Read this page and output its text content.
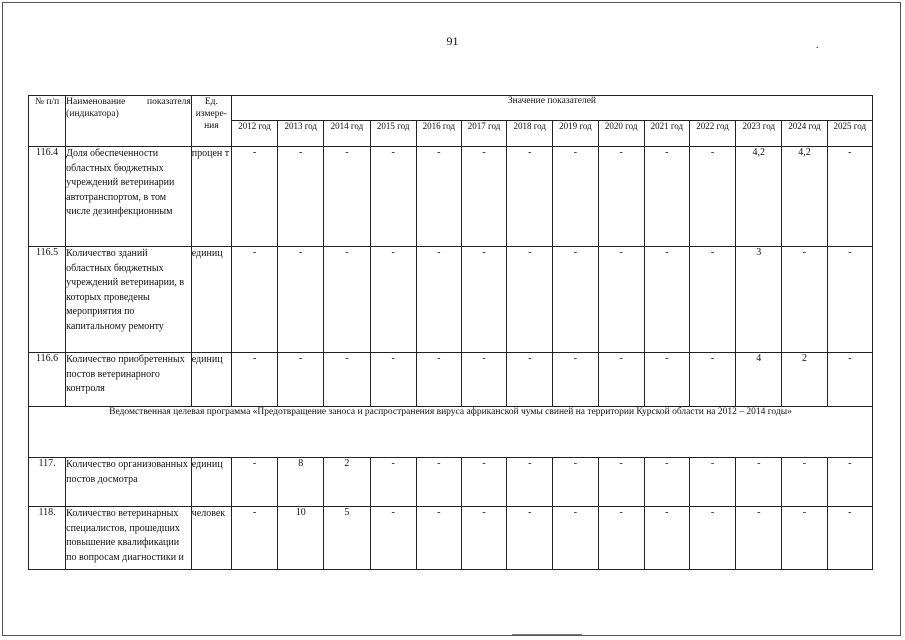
91	.
№ п/п	Наименование показателя (индикатора)	Ед. измере-ния	Значение показателей													
			2012 год	2013 год	2014 год	2015 год	2016 год	2017 год	2018 год	2019 год	2020 год	2021 год	2022 год	2023 год	2024 год	2025 год
116.4	Доля обеспеченности областных бюджетных учреждений ветеринарии автотранспортом, в том числе дезинфекционным	процен т	-	-	-	-	-	-	-	-	-	-	-	4,2	4,2	-
116.5	Количество зданий областных бюджетных учреждений ветеринарии, в которых проведены мероприятия по капитальному ремонту	единиц	-	-	-	-	-	-	-	-	-	-	-	3	-	-
116.6	Количество приобретенных постов ветеринарного контроля	единиц	-	-	-	-	-	-	-	-	-	-	-	4	2	-
Ведомственная целевая программа «Предотвращение заноса и распространения вируса африканской чумы свиней на территории Курской области на 2012 – 2014 годы»																
117.	Количество организованных постов досмотра	единиц	-	8	2	-	-	-	-	-	-	-	-	-	-	-
118.	Количество ветеринарных специалистов, прошедших повышение квалификации по вопросам диагностики и	человек	-	10	5	-	-	-	-	-	-	-	-	-	-	-
